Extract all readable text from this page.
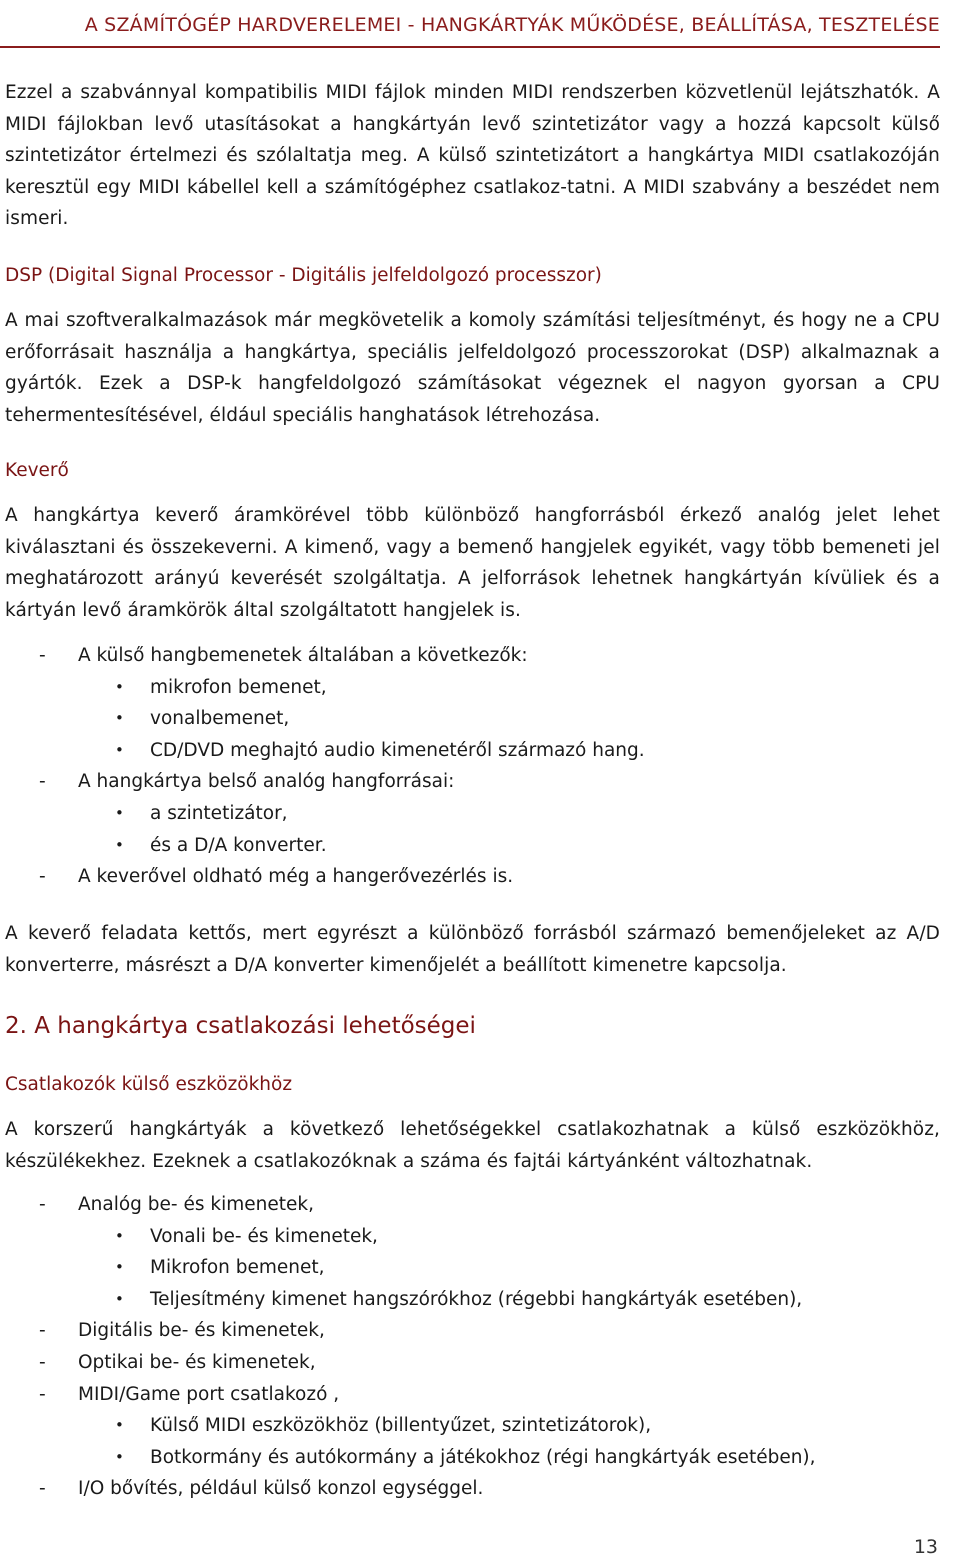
A SZÁMÍTÓGÉP HARDVERELEMEI - HANGKÁRTYÁK MŰKÖDÉSE, BEÁLLÍTÁSA, TESZTELÉSE

Ezzel a szabvánnyal kompatibilis MIDI fájlok minden MIDI rendszerben közvetlenül lejátszhatók. A MIDI fájlokban levő utasításokat a hangkártyán levő szintetizátor vagy a hozzá kapcsolt külső szintetizátor értelmezi és szólaltatja meg. A külső szintetizátort a hangkártya MIDI csatlakozóján keresztül egy MIDI kábellel kell a számítógéphez csatlakoz-tatni. A MIDI szabvány a beszédet nem ismeri.

DSP (Digital Signal Processor - Digitális jelfeldolgozó processzor)

A mai szoftveralkalmazások már megkövetelik a komoly számítási teljesítményt, és hogy ne a CPU erőforrásait használja a hangkártya, speciális jelfeldolgozó processzorokat (DSP) alkalmaznak a gyártók. Ezek a DSP-k hangfeldolgozó számításokat végeznek el nagyon gyorsan a CPU tehermentesítésével, éldául speciális hanghatások létrehozása.

Keverő

A hangkártya keverő áramkörével több különböző hangforrásból érkező analóg jelet lehet kiválasztani és összekeverni. A kimenő, vagy a bemenő hangjelek egyikét, vagy több bemeneti jel meghatározott arányú keverését szolgáltatja. A jelforrások lehetnek hangkártyán kívüliek és a kártyán levő áramkörök által szolgáltatott hangjelek is.

- A külső hangbemenetek általában a következők:
• mikrofon bemenet,
• vonalbemenet,
• CD/DVD meghajtó audio kimenetéről származó hang.
- A hangkártya belső analóg hangforrásai:
• a szintetizátor,
• és a D/A konverter.
- A keverővel oldható még a hangerővezérlés is.

A keverő feladata kettős, mert egyrészt a különböző forrásból származó bemenőjeleket az A/D konverterre, másrészt a D/A konverter kimenőjelét a beállított kimenetre kapcsolja.

2. A hangkártya csatlakozási lehetőségei
Csatlakozók külső eszközökhöz

A korszerű hangkártyák a következő lehetőségekkel csatlakozhatnak a külső eszközökhöz, készülékekhez. Ezeknek a csatlakozóknak a száma és fajtái kártyánként változhatnak.

- Analóg be- és kimenetek,
• Vonali be- és kimenetek,
• Mikrofon bemenet,
• Teljesítmény kimenet hangszórókhoz (régebbi hangkártyák esetében),
- Digitális be- és kimenetek,
- Optikai be- és kimenetek,
- MIDI/Game port csatlakozó ,
• Külső MIDI eszközökhöz (billentyűzet, szintetizátorok),
• Botkormány és autókormány a játékokhoz (régi hangkártyák esetében),
- I/O bővítés, például külső konzol egységgel.
13
